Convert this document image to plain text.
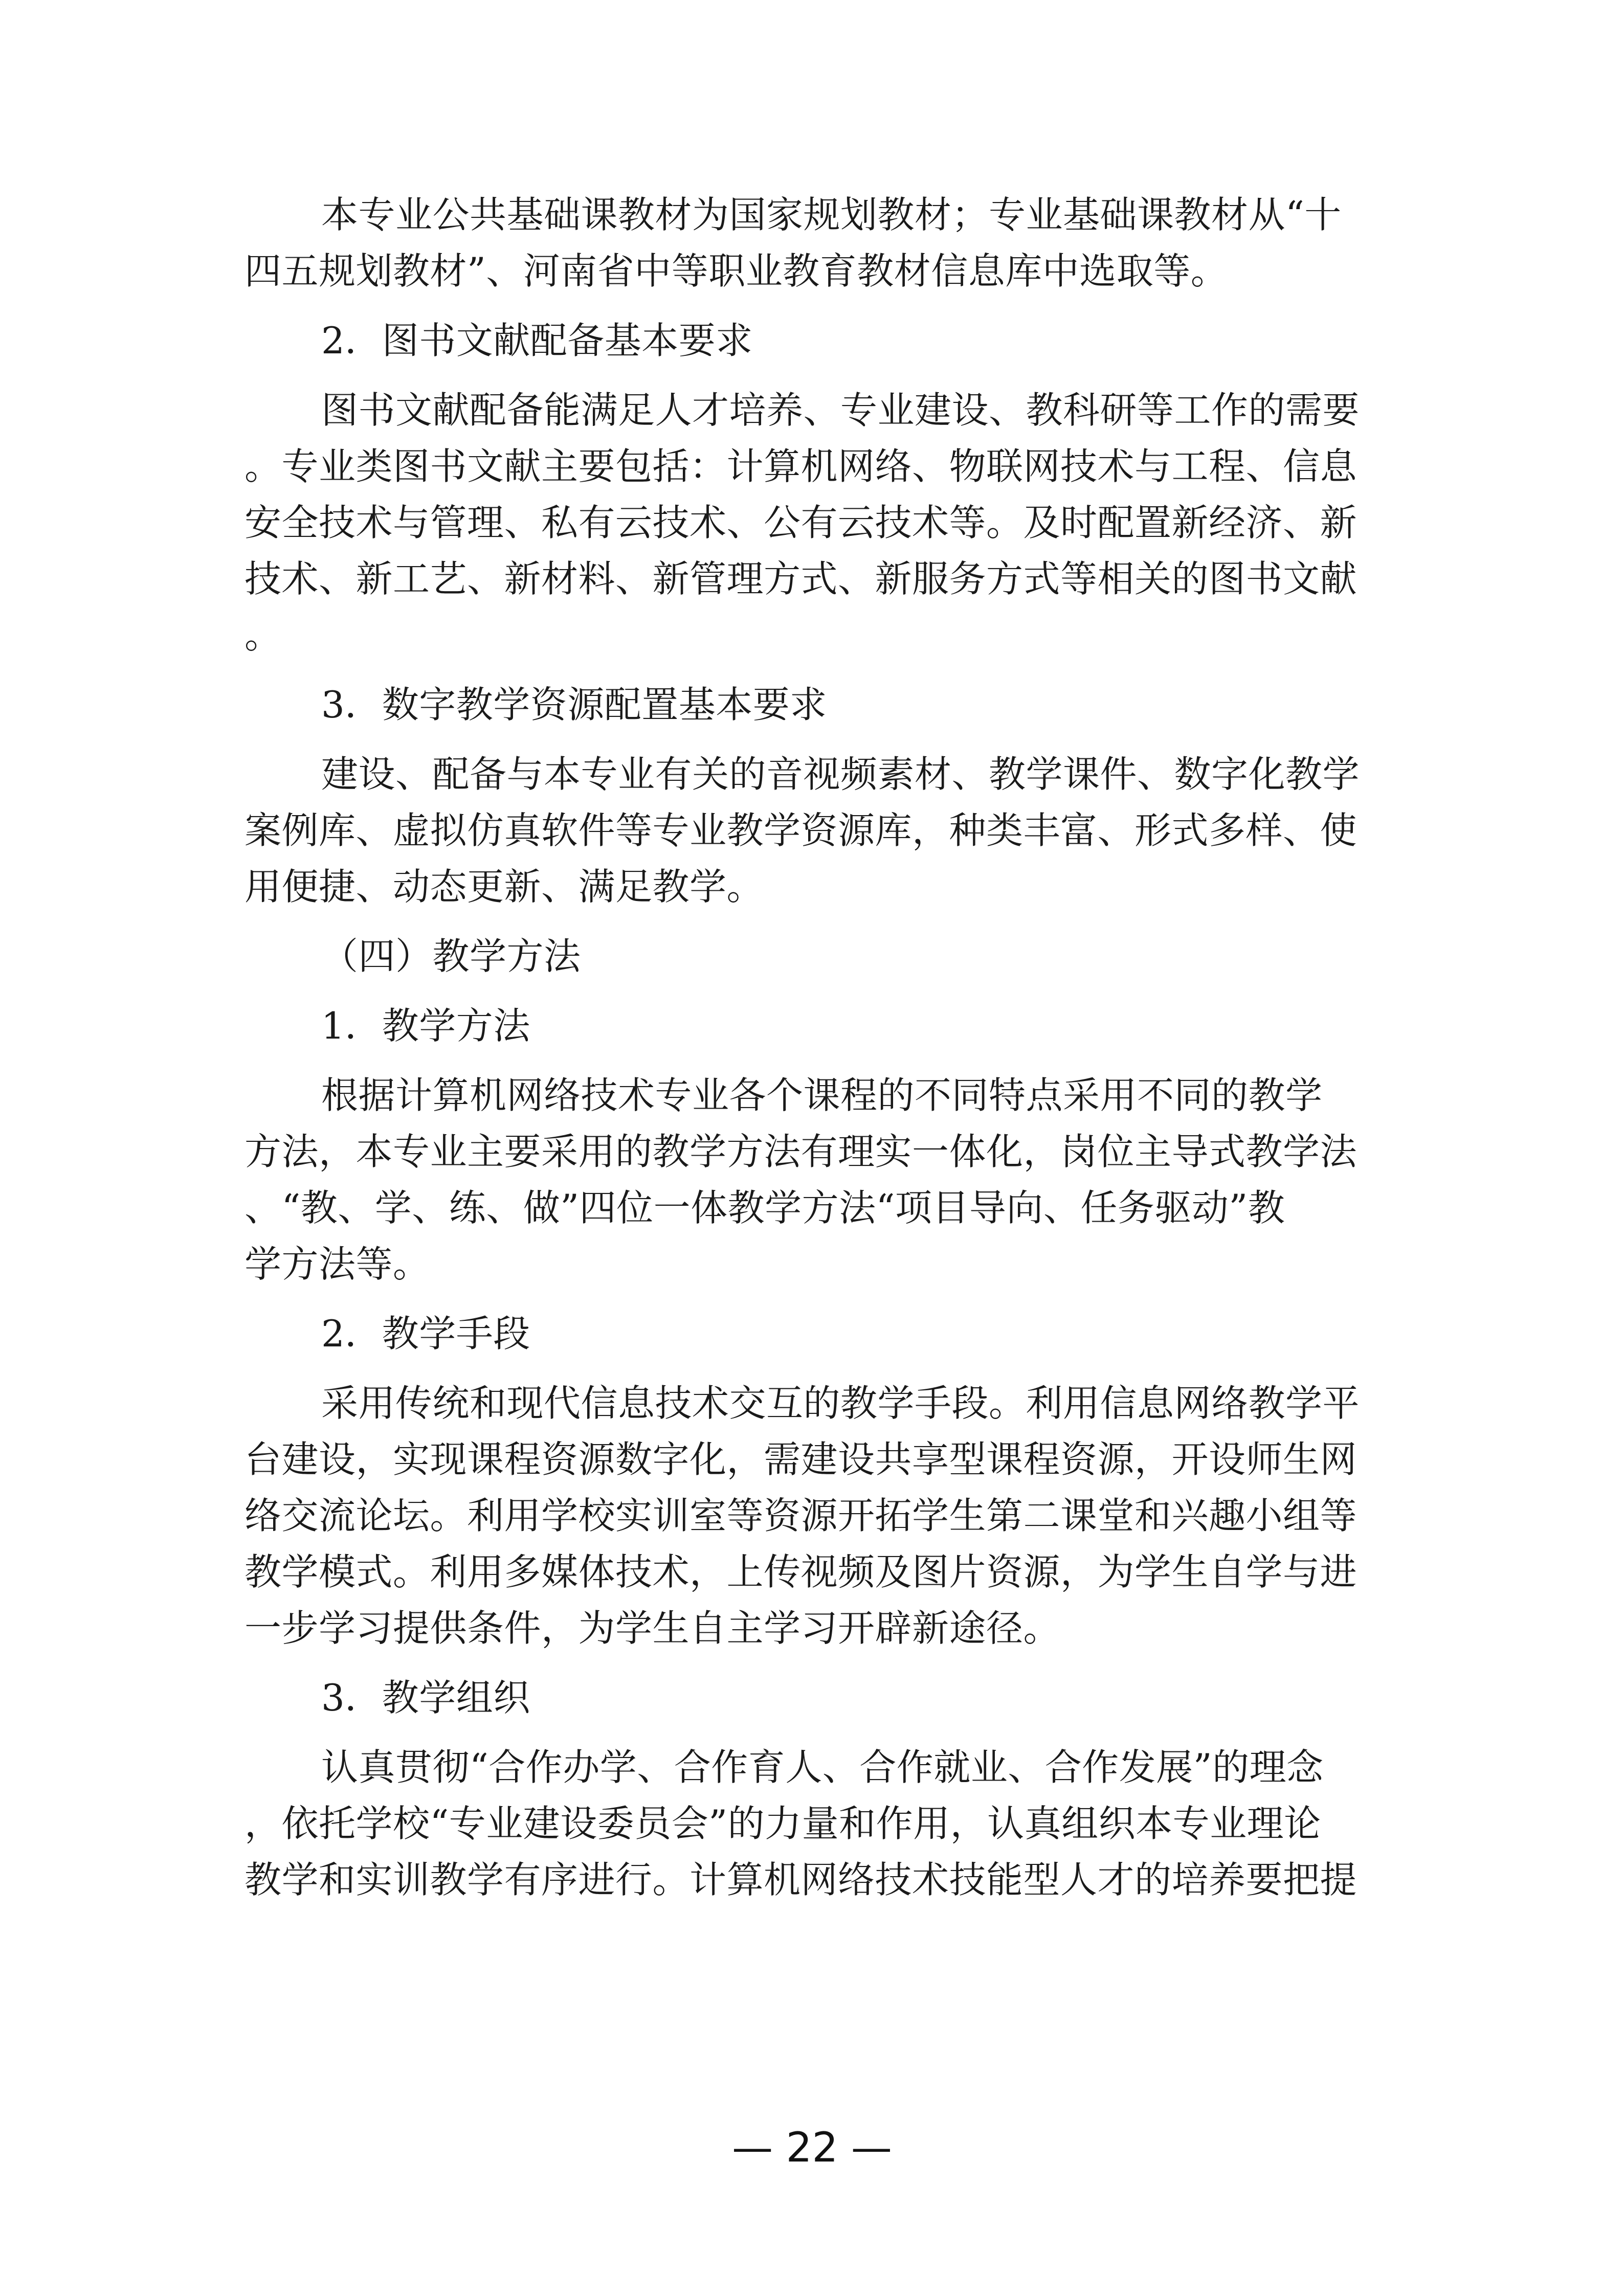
本专业公共基础课教材为国家规划教材；专业基础课教材从“十
四五规划教材”、河南省中等职业教育教材信息库中选取等。
2．图书文献配备基本要求
图书文献配备能满足人才培养、专业建设、教科研等工作的需要
。专业类图书文献主要包括：计算机网络、物联网技术与工程、信息
安全技术与管理、私有云技术、公有云技术等。及时配置新经济、新
技术、新工艺、新材料、新管理方式、新服务方式等相关的图书文献
。
3．数字教学资源配置基本要求
建设、配备与本专业有关的音视频素材、教学课件、数字化教学
案例库、虚拟仿真软件等专业教学资源库，种类丰富、形式多样、使
用便捷、动态更新、满足教学。
（四）教学方法
1．教学方法
根据计算机网络技术专业各个课程的不同特点采用不同的教学
方法，本专业主要采用的教学方法有理实一体化，岗位主导式教学法
、“教、学、练、做”四位一体教学方法“项目导向、任务驱动”教
学方法等。
2．教学手段
采用传统和现代信息技术交互的教学手段。利用信息网络教学平
台建设，实现课程资源数字化，需建设共享型课程资源，开设师生网
络交流论坛。利用学校实训室等资源开拓学生第二课堂和兴趣小组等
教学模式。利用多媒体技术，上传视频及图片资源，为学生自学与进
一步学习提供条件，为学生自主学习开辟新途径。
3．教学组织
认真贯彻“合作办学、合作育人、合作就业、合作发展”的理念
，依托学校“专业建设委员会”的力量和作用，认真组织本专业理论
教学和实训教学有序进行。计算机网络技术技能型人才的培养要把提
— 22 —
